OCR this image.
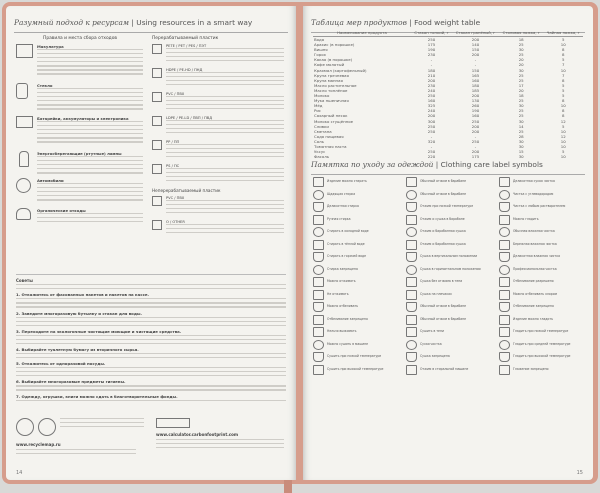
Разумный подход к ресурсам | Using resources in a smart way
Правила и места сбора отходов	Перерабатываемый пластик
Макулатура
Стекло
Батарейки, аккумуляторы и электроника
Энергосберегающие (ртутные) лампы
Автомобили
Органические отходы
PETE / PET / PES / ПЭТ
HDPE / PE-HD / ПНД
PVC / ПВХ
LDPE / PE-LD / ПВП / ПВД
PP / ПП
PS / ПС
Неперерабатываемый пластик
PVC / ПВХ
O / OTHER
Советы
1. Откажитесь от фасованных пакетов и пакетов на кассе.
2. Заведите многоразовую бутылку и стакан для воды.
3. Переходите на экологичные чистящие моющие и чистящие средства.
4. Выбирайте туалетную бумагу из вторичного сырья.
5. Откажитесь от одноразовой посуды.
6. Выбирайте многоразовые предметы гигиены.
7. Одежду, игрушки, книги можно сдать в благотворительные фонды.
www.recyclemap.ru
www.calculator.carbonfootprint.com
14
Таблица мер продуктов | Food weight table
Наименование продукта	Стакан тонкий, г	Стакан гранёный, г	Столовая ложка, г	Чайная ложка, г
Вода	250	200	18	5
Арахис (в порошке)	175	140	25	10
Вишня	190	150	30	8
Горох	230	200	25	8
Какао (в порошке)	-	-	20	5
Кофе молотый	-	-	20	7
Крахмал (картофельный)	180	150	30	10
Крупа гречневая	210	165	25	7
Крупа манная	200	160	25	8
Масло растительное	230	180	17	5
Масло топлёное	240	185	20	5
Молоко	250	200	18	5
Мука пшеничная	160	130	25	8
Мёд	325	260	30	10
Рис	240	190	25	8
Сахарный песок	200	160	25	8
Молоко сгущённое	300	250	30	12
Сливки	250	200	14	5
Сметана	250	200	25	10
Сода пищевая	-	-	28	12
Соль	320	250	30	10
Томатная паста	-	-	30	10
Уксус	250	200	15	5
Фасоль	220	175	30	10
Памятка по уходу за одеждой | Clothing care label symbols
Изделие можно стирать
Щадящая стирка
Деликатная стирка
Ручная стирка
Стирать в холодной воде
Стирать в тёплой воде
Стирать в горячей воде
Стирка запрещена
Можно отжимать
Не отжимать
Можно отбеливать
Отбеливание запрещено
Нельзя выжимать
Можно сушить в машине
Сушить при низкой температуре
Сушить при высокой температуре
Обычный отжим в барабане
Обычный отжим в барабане
Отжим при низкой температуре
Отжим и сушка в барабане
Отжим и барабанная сушка
Отжим и барабанная сушка
Сушка в вертикальном положении
Сушка в горизонтальном положении
Сушка без отжима в тени
Сушка на плечиках
Обычный отжим в барабане
Обычный отжим в барабане
Сушить в тени
Сухая чистка
Сушка запрещена
Отжим в стиральной машине
Деликатная сухая чистка
Чистка с углеводородом
Чистка с любым растворителем
Можно гладить
Обычная влажная чистка
Бережная влажная чистка
Деликатная влажная чистка
Профессиональная чистка
Отбеливание разрешено
Можно отбеливать хлором
Отбеливание запрещено
Изделие можно гладить
Гладить при низкой температуре
Гладить при средней температуре
Гладить при высокой температуре
Глажение запрещено
15
